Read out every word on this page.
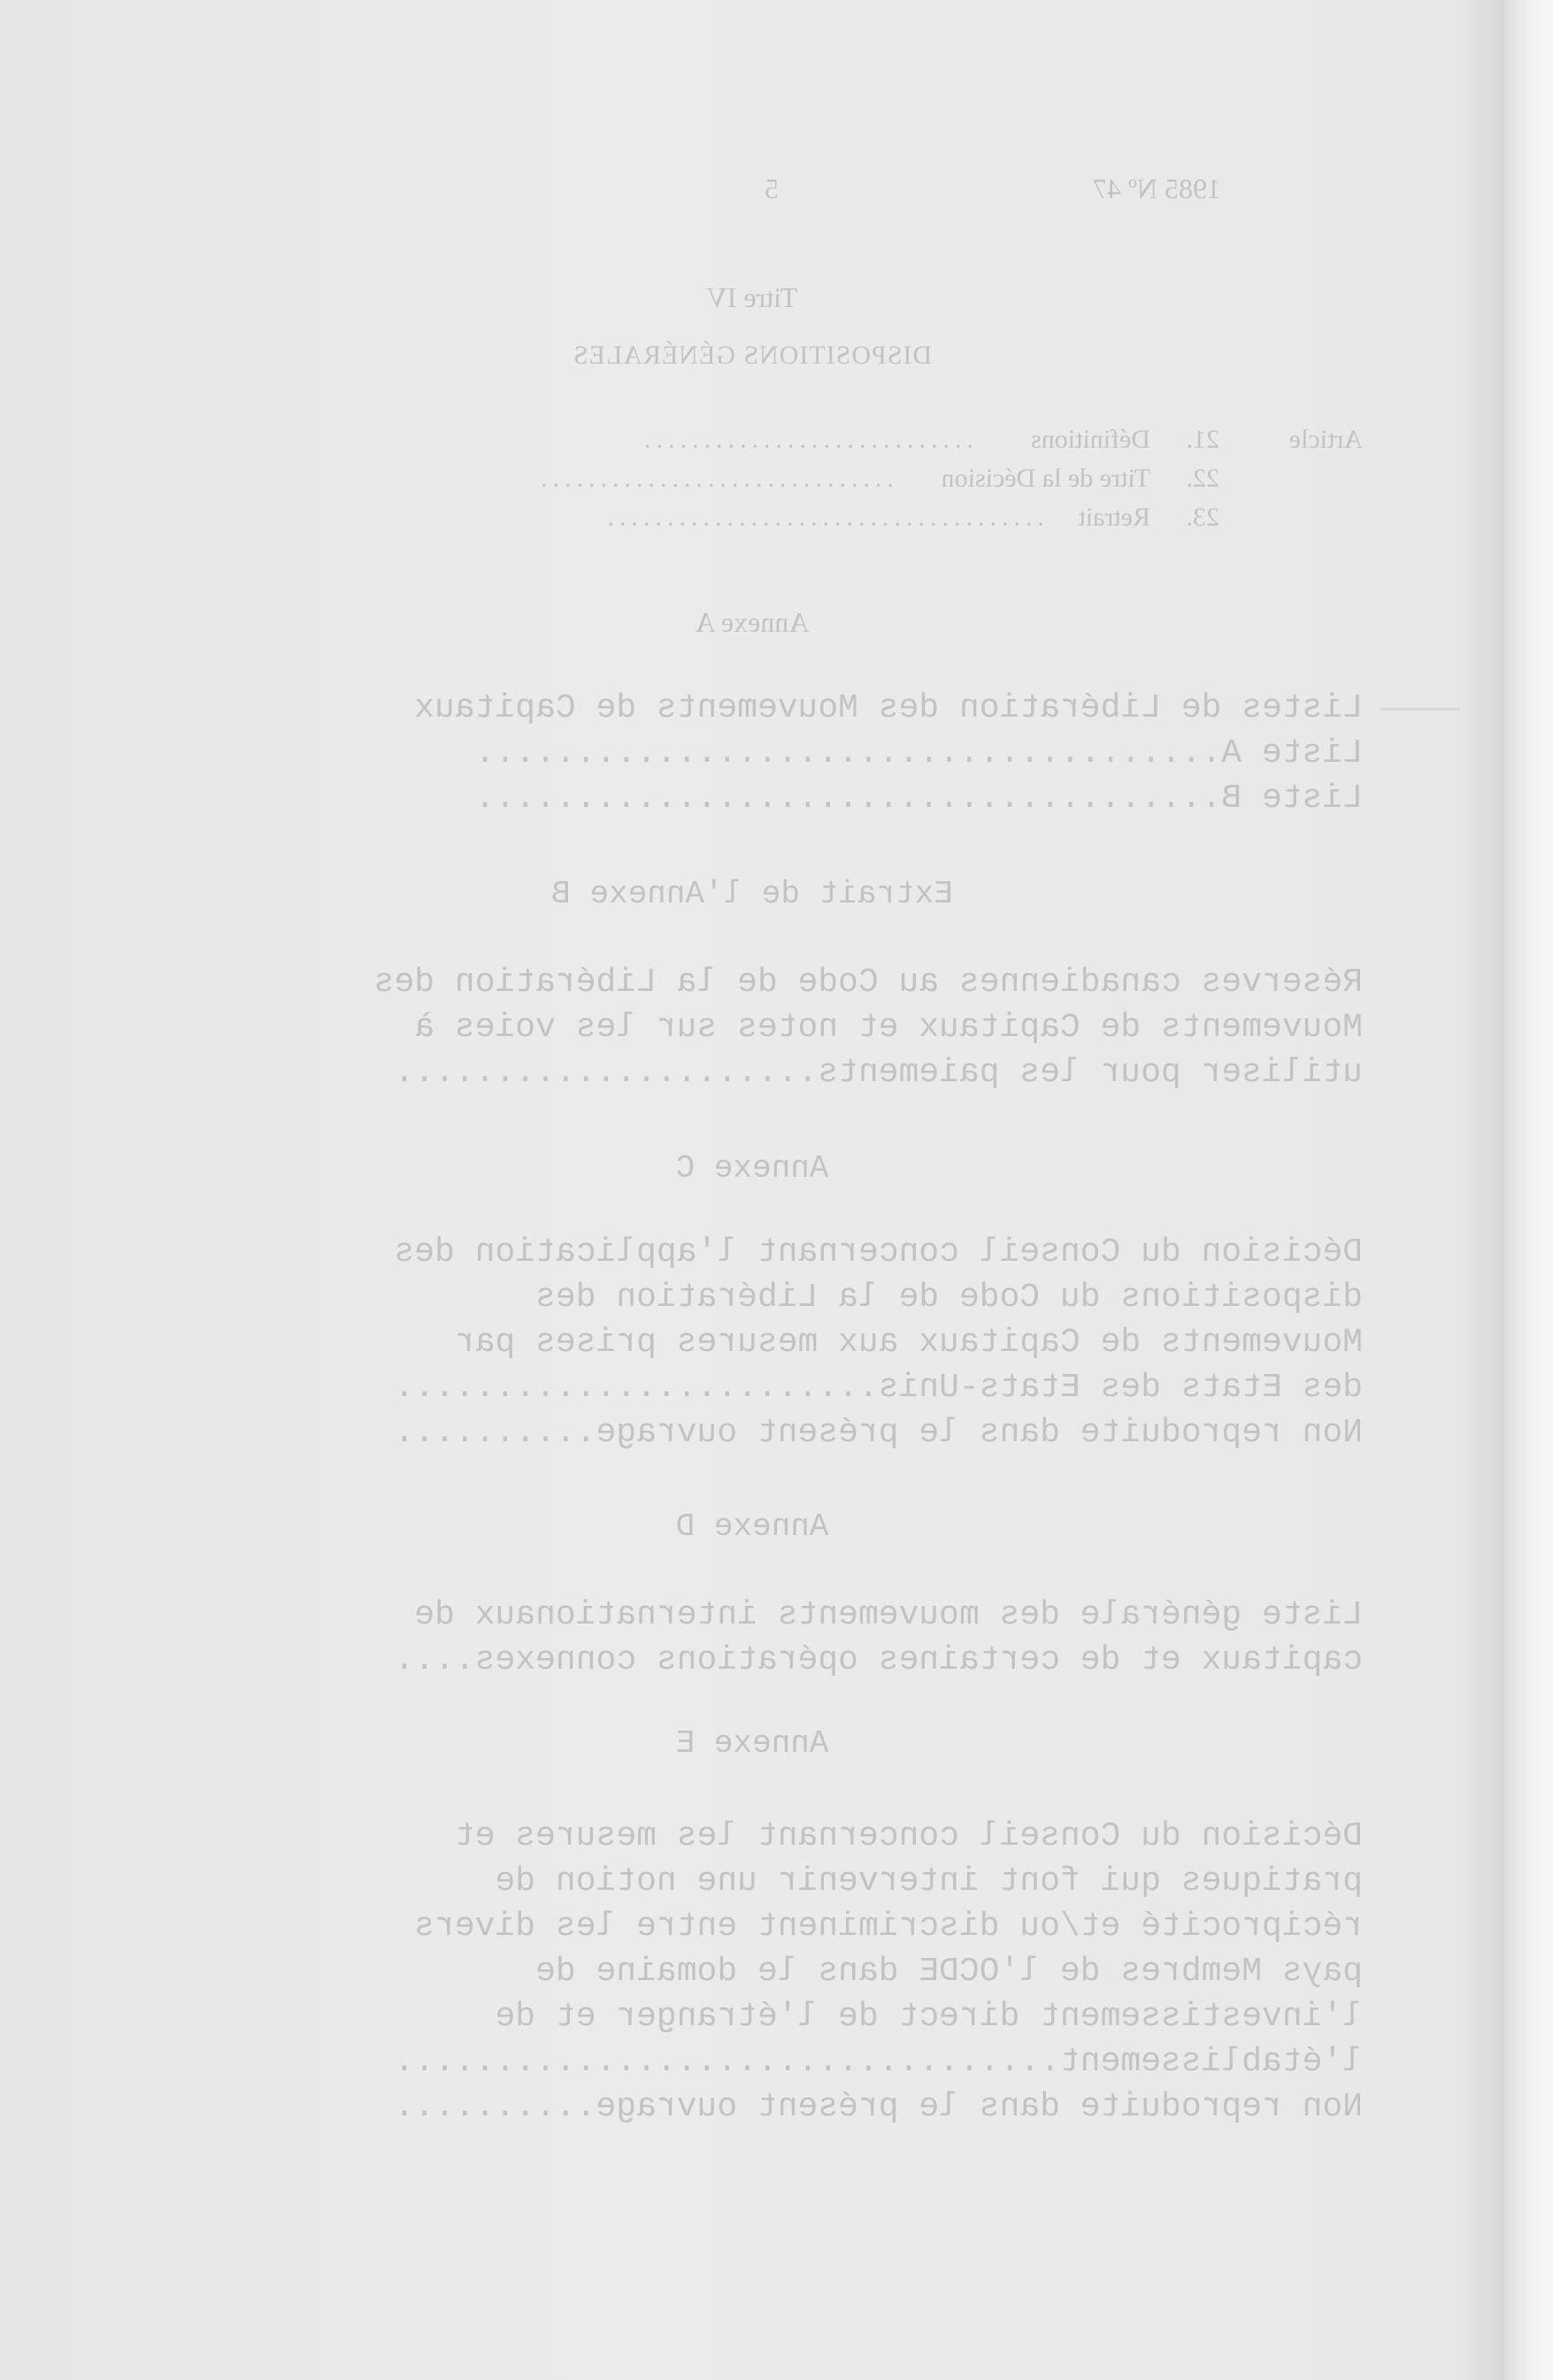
1985 Nº 47
5
Titre IV
DISPOSITIONS GÉNÉRALES
Article
21.
Définitions
............................
22.
Titre de la Décision
..............................
23.
Retrait
.....................................
Annexe A
Listes de Libération des Mouvements de Capitaux
Liste A.....................................
Liste B.....................................
Extrait de l'Annexe B
Réserves canadiennes au Code de la Libération des
Mouvements de Capitaux et notes sur les voies à
utiliser pour les paiements.....................
Annexe C
Décision du Conseil concernant l'application des
dispositions du Code de la Libération des
Mouvements de Capitaux aux mesures prises par
des Etats des Etats-Unis........................
Non reproduite dans le présent ouvrage..........
Annexe D
Liste générale des mouvements internationaux de
capitaux et de certaines opérations connexes....
Annexe E
Décision du Conseil concernant les mesures et
pratiques qui font intervenir une notion de
réciprocité et/ou discriminent entre les divers
pays Membres de l'OCDE dans le domaine de
l'investissement direct de l'étranger et de
l'établissement.................................
Non reproduite dans le présent ouvrage..........
